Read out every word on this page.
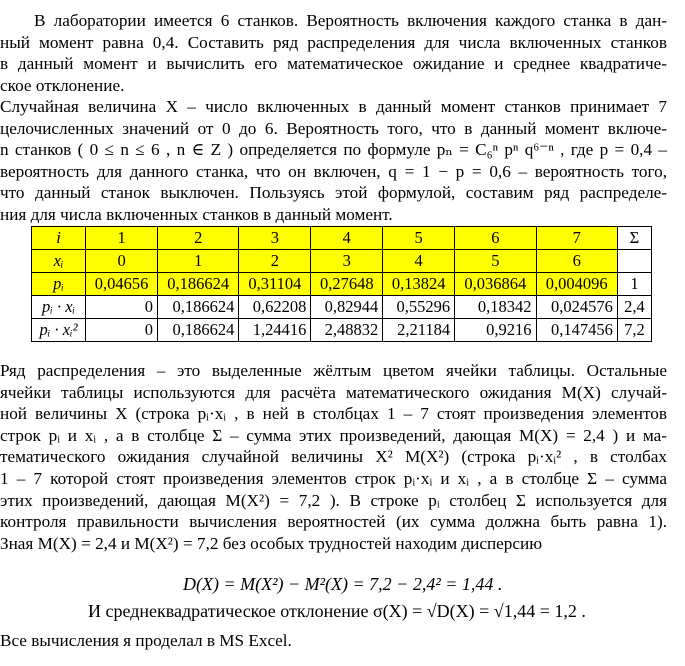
В лаборатории имеется 6 станков. Вероятность включения каждого станка в дан-
ный момент равна 0,4. Составить ряд распределения для числа включенных станков
в данный момент и вычислить его математическое ожидание и среднее квадратиче-
ское отклонение.
Случайная величина X – число включенных в данный момент станков принимает 7
целочисленных значений от 0 до 6. Вероятность того, что в данный момент включе-
n станков ( 0 ≤ n ≤ 6 , n ∈ Z ) определяется по формуле pₙ = C₆ⁿ pⁿ q⁶⁻ⁿ , где p = 0,4 –
вероятность для данного станка, что он включен, q = 1 − p = 0,6 – вероятность того,
что данный станок выключен. Пользуясь этой формулой, составим ряд распределе-
ния для числа включенных станков в данный момент.
i	1	2	3	4	5	6	7	Σ
xᵢ	0	1	2	3	4	5	6	
pᵢ	0,04656	0,186624	0,31104	0,27648	0,13824	0,036864	0,004096	1
pᵢ · xᵢ	0	0,186624	0,62208	0,82944	0,55296	0,18342	0,024576	2,4
pᵢ · xᵢ²	0	0,186624	1,24416	2,48832	2,21184	0,9216	0,147456	7,2
Ряд распределения – это выделенные жёлтым цветом ячейки таблицы. Остальные
ячейки таблицы используются для расчёта математического ожидания M(X) случай-
ной величины X (строка pᵢ·xᵢ , в ней в столбцах 1 – 7 стоят произведения элементов
строк pᵢ и xᵢ , а в столбце Σ – сумма этих произведений, дающая M(X) = 2,4 ) и ма-
тематического ожидания случайной величины X² M(X²) (строка pᵢ·xᵢ² , в столбах
1 – 7 которой стоят произведения элементов строк pᵢ·xᵢ и xᵢ , а в столбце Σ – сумма
этих произведений, дающая M(X²) = 7,2 ). В строке pᵢ столбец Σ используется для
контроля правильности вычисления вероятностей (их сумма должна быть равна 1).
Зная M(X) = 2,4 и M(X²) = 7,2 без особых трудностей находим дисперсию
D(X) = M(X²) − M²(X) = 7,2 − 2,4² = 1,44 .
И среднеквадратическое отклонение σ(X) = √D(X) = √1,44 = 1,2 .
Все вычисления я проделал в MS Excel.
